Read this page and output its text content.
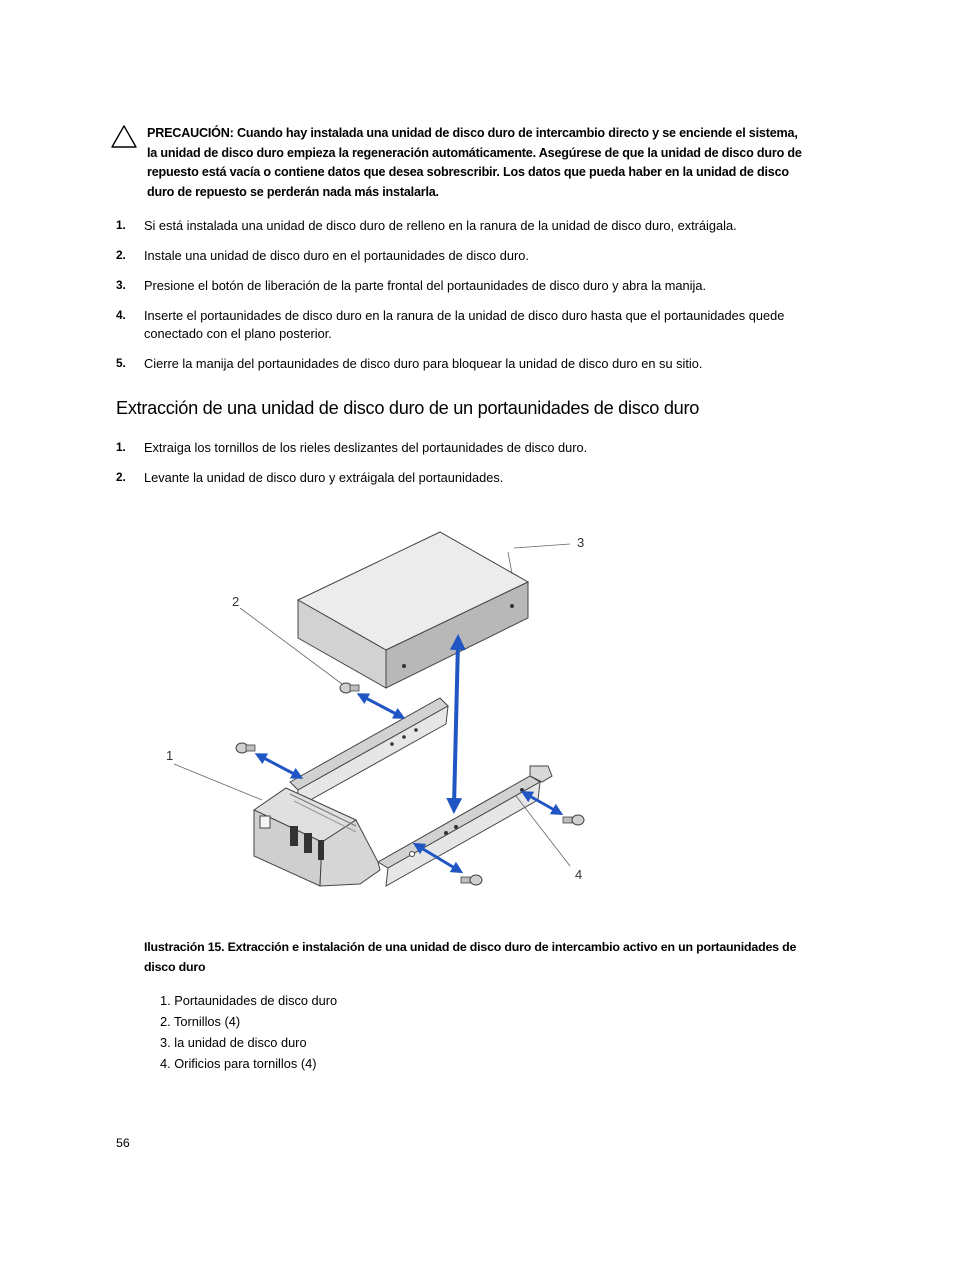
PRECAUCIÓN: Cuando hay instalada una unidad de disco duro de intercambio directo y se enciende el sistema, la unidad de disco duro empieza la regeneración automáticamente. Asegúrese de que la unidad de disco duro de repuesto está vacía o contiene datos que desea sobrescribir. Los datos que pueda haber en la unidad de disco duro de repuesto se perderán nada más instalarla.
1. Si está instalada una unidad de disco duro de relleno en la ranura de la unidad de disco duro, extráigala.
2. Instale una unidad de disco duro en el portaunidades de disco duro.
3. Presione el botón de liberación de la parte frontal del portaunidades de disco duro y abra la manija.
4. Inserte el portaunidades de disco duro en la ranura de la unidad de disco duro hasta que el portaunidades quede conectado con el plano posterior.
5. Cierre la manija del portaunidades de disco duro para bloquear la unidad de disco duro en su sitio.
Extracción de una unidad de disco duro de un portaunidades de disco duro
1. Extraiga los tornillos de los rieles deslizantes del portaunidades de disco duro.
2. Levante la unidad de disco duro y extráigala del portaunidades.
1
2
3
4
Ilustración 15. Extracción e instalación de una unidad de disco duro de intercambio activo en un portaunidades de disco duro
1. Portaunidades de disco duro
2. Tornillos (4)
3. la unidad de disco duro
4. Orificios para tornillos (4)
56
